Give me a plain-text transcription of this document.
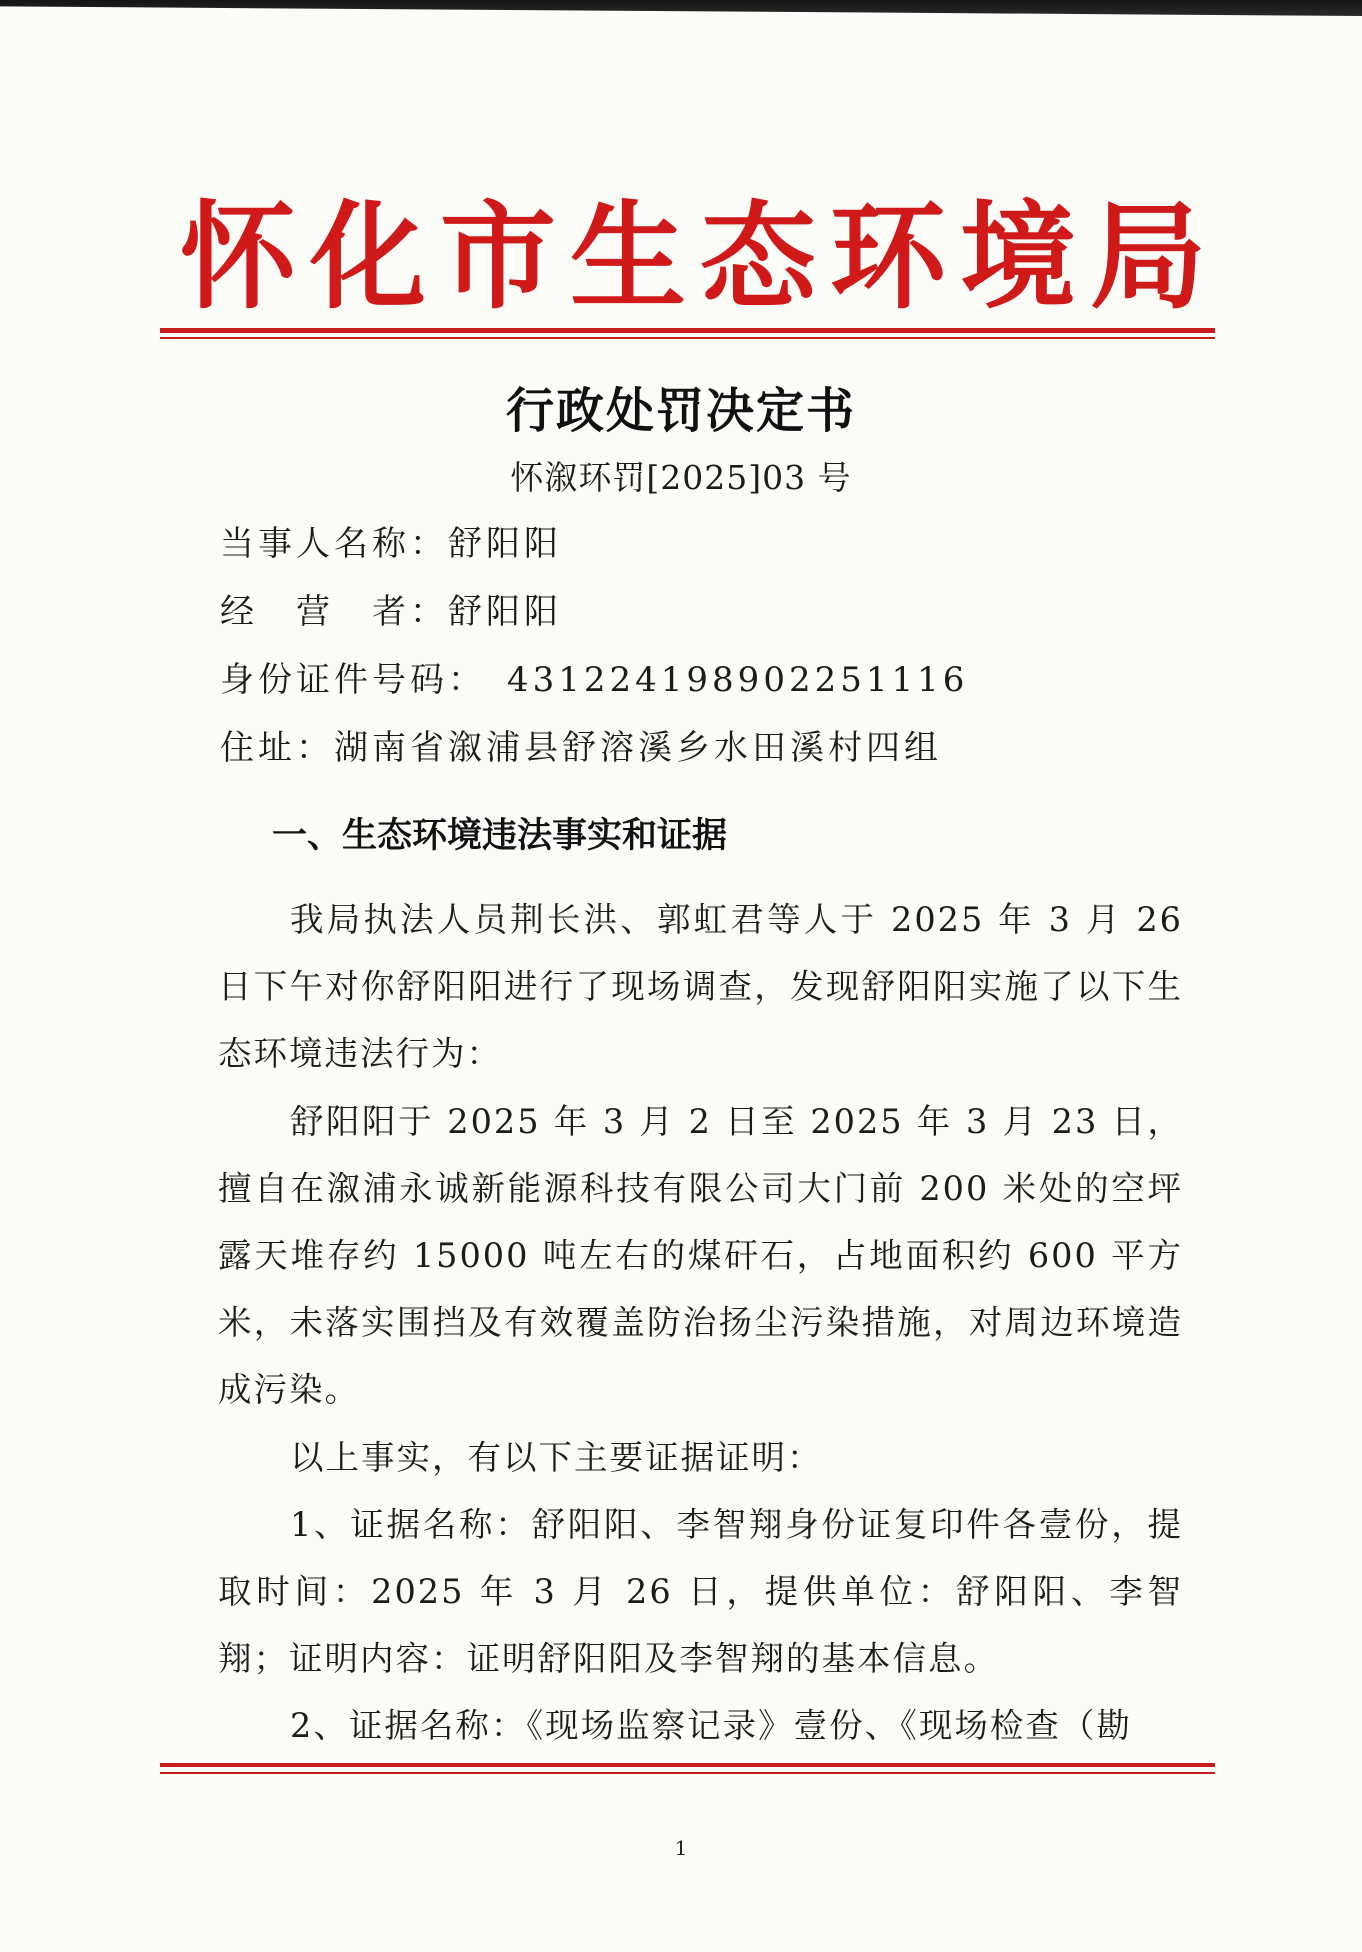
怀化市生态环境局
行政处罚决定书
怀溆环罚[2025]03 号
当事人名称：舒阳阳
经　营　者：舒阳阳
身份证件号码：　431224198902251116
住址：湖南省溆浦县舒溶溪乡水田溪村四组
一、生态环境违法事实和证据

我局执法人员荆长洪、郭虹君等人于 2025 年 3 月 26 日下午对你舒阳阳进行了现场调查，发现舒阳阳实施了以下生态环境违法行为：

舒阳阳于 2025 年 3 月 2 日至 2025 年 3 月 23 日，擅自在溆浦永诚新能源科技有限公司大门前 200 米处的空坪露天堆存约 15000 吨左右的煤矸石，占地面积约 600 平方米，未落实围挡及有效覆盖防治扬尘污染措施，对周边环境造成污染。

以上事实，有以下主要证据证明：

1、证据名称：舒阳阳、李智翔身份证复印件各壹份，提取时间：2025 年 3 月 26 日，提供单位：舒阳阳、李智翔；证明内容：证明舒阳阳及李智翔的基本信息。

2、证据名称：《现场监察记录》壹份、《现场检查（勘

1
